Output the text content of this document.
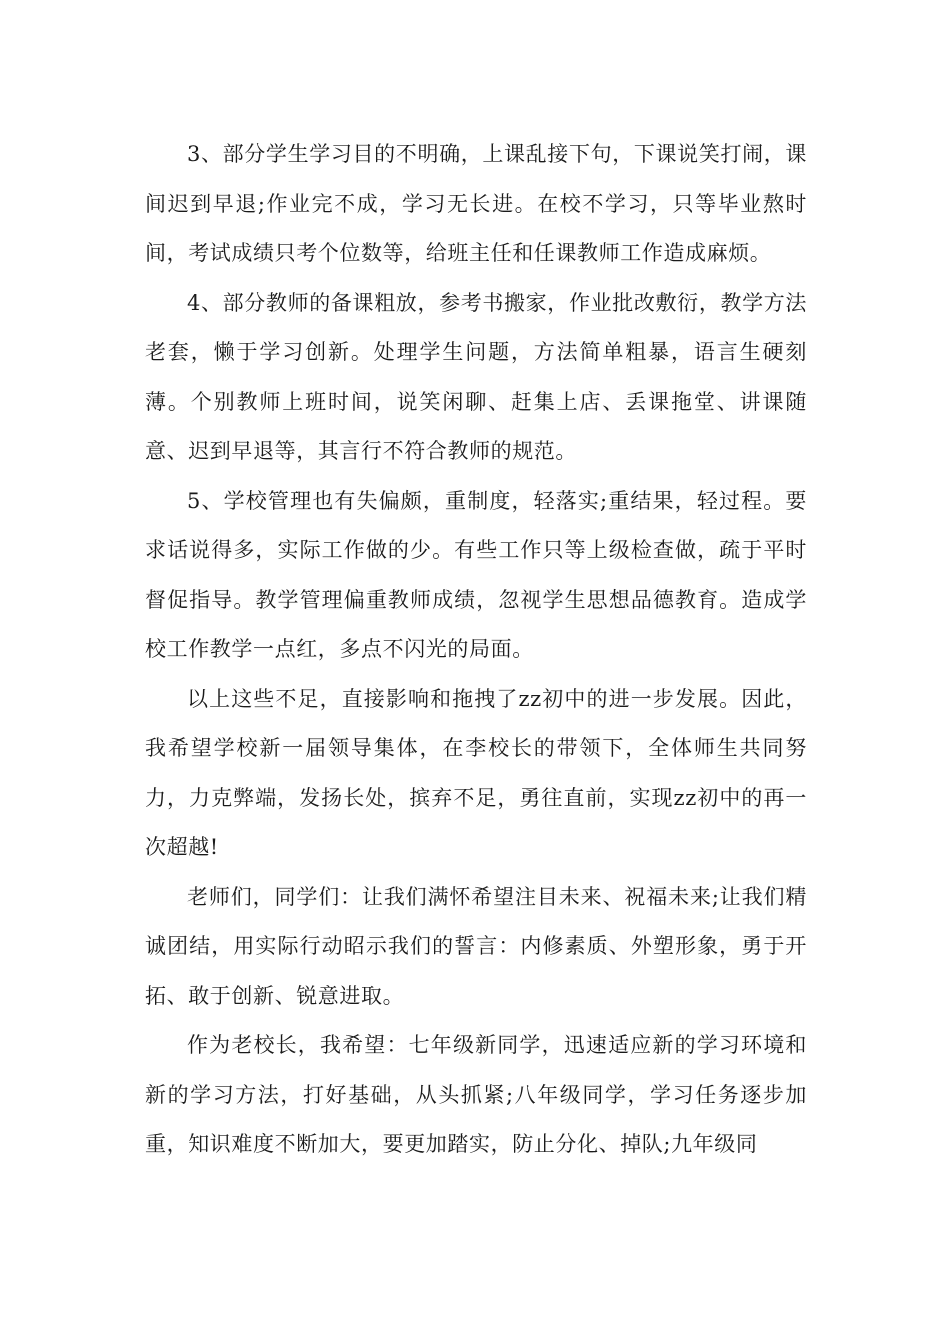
3、部分学生学习目的不明确，上课乱接下句，下课说笑打闹，课间迟到早退;作业完不成，学习无长进。在校不学习，只等毕业熬时间，考试成绩只考个位数等，给班主任和任课教师工作造成麻烦。

4、部分教师的备课粗放，参考书搬家，作业批改敷衍，教学方法老套，懒于学习创新。处理学生问题，方法简单粗暴，语言生硬刻薄。个别教师上班时间，说笑闲聊、赶集上店、丢课拖堂、讲课随意、迟到早退等，其言行不符合教师的规范。

5、学校管理也有失偏颇，重制度，轻落实;重结果，轻过程。要求话说得多，实际工作做的少。有些工作只等上级检查做，疏于平时督促指导。教学管理偏重教师成绩，忽视学生思想品德教育。造成学校工作教学一点红，多点不闪光的局面。

以上这些不足，直接影响和拖拽了zz初中的进一步发展。因此，我希望学校新一届领导集体，在李校长的带领下，全体师生共同努力，力克弊端，发扬长处，摈弃不足，勇往直前，实现zz初中的再一次超越!

老师们，同学们：让我们满怀希望注目未来、祝福未来;让我们精诚团结，用实际行动昭示我们的誓言：内修素质、外塑形象，勇于开拓、敢于创新、锐意进取。

作为老校长，我希望：七年级新同学，迅速适应新的学习环境和新的学习方法，打好基础，从头抓紧;八年级同学，学习任务逐步加重，知识难度不断加大，要更加踏实，防止分化、掉队;九年级同
